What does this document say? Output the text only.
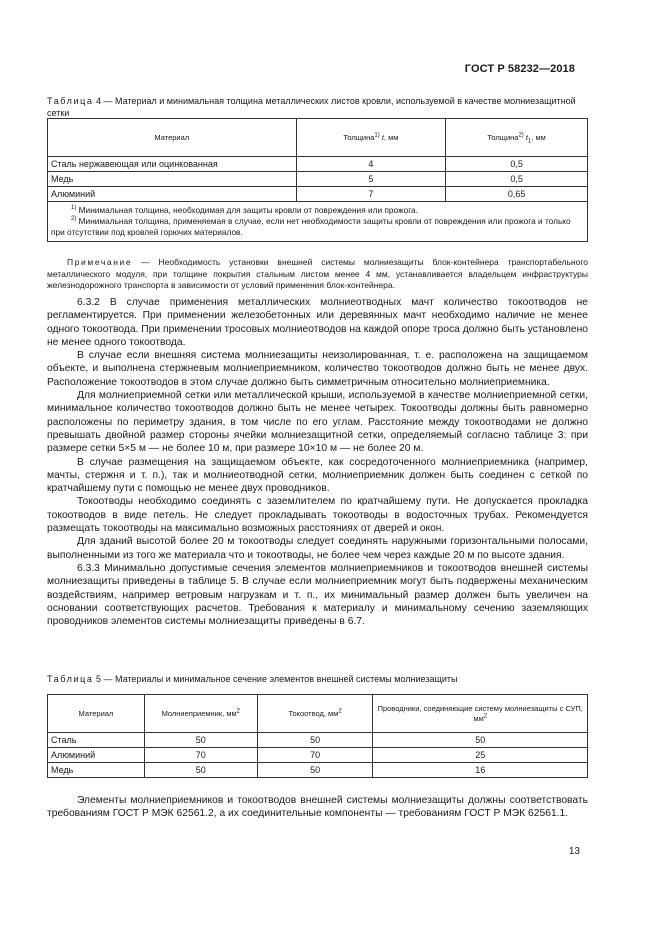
ГОСТ Р 58232—2018
Таблица 4 — Материал и минимальная толщина металлических листов кровли, используемой в качестве молниезащитной сетки
Материал	Толщина$^{1)}$ t, мм	Толщина$^{2)}$ $t_1$, мм
Сталь нержавеющая или оцинкованная	4	0,5
Медь	5	0,5
Алюминий	7	0,65

$^{1)}$ Минимальная толщина, необходимая для защиты кровли от повреждения или прожога.
$^{2)}$ Минимальная толщина, применяемая в случае, если нет необходимости защиты кровли от повреждения или прожога и только при отсутствии под кровлей горючих материалов.		
Примечание — Необходимость установки внешней системы молниезащиты блок-контейнера транспортабельного металлического модуля, при толщине покрытия стальным листом менее 4 мм, устанавливается владельцем инфраструктуры железнодорожного транспорта в зависимости от условий применения блок-контейнера.

6.3.2 В случае применения металлических молниеотводных мачт количество токоотводов не регламентируется. При применении железобетонных или деревянных мачт необходимо наличие не менее одного токоотвода. При применении тросовых молниеотводов на каждой опоре троса должно быть установлено не менее одного токоотвода.

В случае если внешняя система молниезащиты неизолированная, т. е. расположена на защищаемом объекте, и выполнена стержневым молниеприемником, количество токоотводов должно быть не менее двух. Расположение токоотводов в этом случае должно быть симметричным относительно молниеприемника.

Для молниеприемной сетки или металлической крыши, используемой в качестве молниеприемной сетки, минимальное количество токоотводов должно быть не менее четырех. Токоотводы должны быть равномерно расположены по периметру здания, в том числе по его углам. Расстояние между токоотводами не должно превышать двойной размер стороны ячейки молниезащитной сетки, определяемый согласно таблице 3: при размере сетки 5×5 м — не более 10 м, при размере 10×10 м — не более 20 м.

В случае размещения на защищаемом объекте, как сосредоточенного молниеприемника (например, мачты, стержня и т. п.), так и молниеотводной сетки, молниеприемник должен быть соединен с сеткой по кратчайшему пути с помощью не менее двух проводников.

Токоотводы необходимо соединять с заземлителем по кратчайшему пути. Не допускается прокладка токоотводов в виде петель. Не следует прокладывать токоотводы в водосточных трубах. Рекомендуется размещать токоотводы на максимально возможных расстояниях от дверей и окон.

Для зданий высотой более 20 м токоотводы следует соединять наружными горизонтальными полосами, выполненными из того же материала что и токоотводы, не более чем через каждые 20 м по высоте здания.

6.3.3 Минимально допустимые сечения элементов молниеприемников и токоотводов внешней системы молниезащиты приведены в таблице 5. В случае если молниеприемник могут быть подвержены механическим воздействиям, например ветровым нагрузкам и т. п., их минимальный размер должен быть увеличен на основании соответствующих расчетов. Требования к материалу и минимальному сечению заземляющих проводников элементов системы молниезащиты приведены в 6.7.

Таблица 5 — Материалы и минимальное сечение элементов внешней системы молниезащиты
Материал	Молниеприемник, $мм^2$	Токоотвод, $мм^2$	Проводники, соединяющие систему молниезащиты с СУП, $мм^2$
Сталь	50	50	50
Алюминий	70	70	25
Медь	50	50	16

Элементы молниеприемников и токоотводов внешней системы молниезащиты должны соответствовать требованиям ГОСТ Р МЭК 62561.2, а их соединительные компоненты — требованиям ГОСТ Р МЭК 62561.1.

13
